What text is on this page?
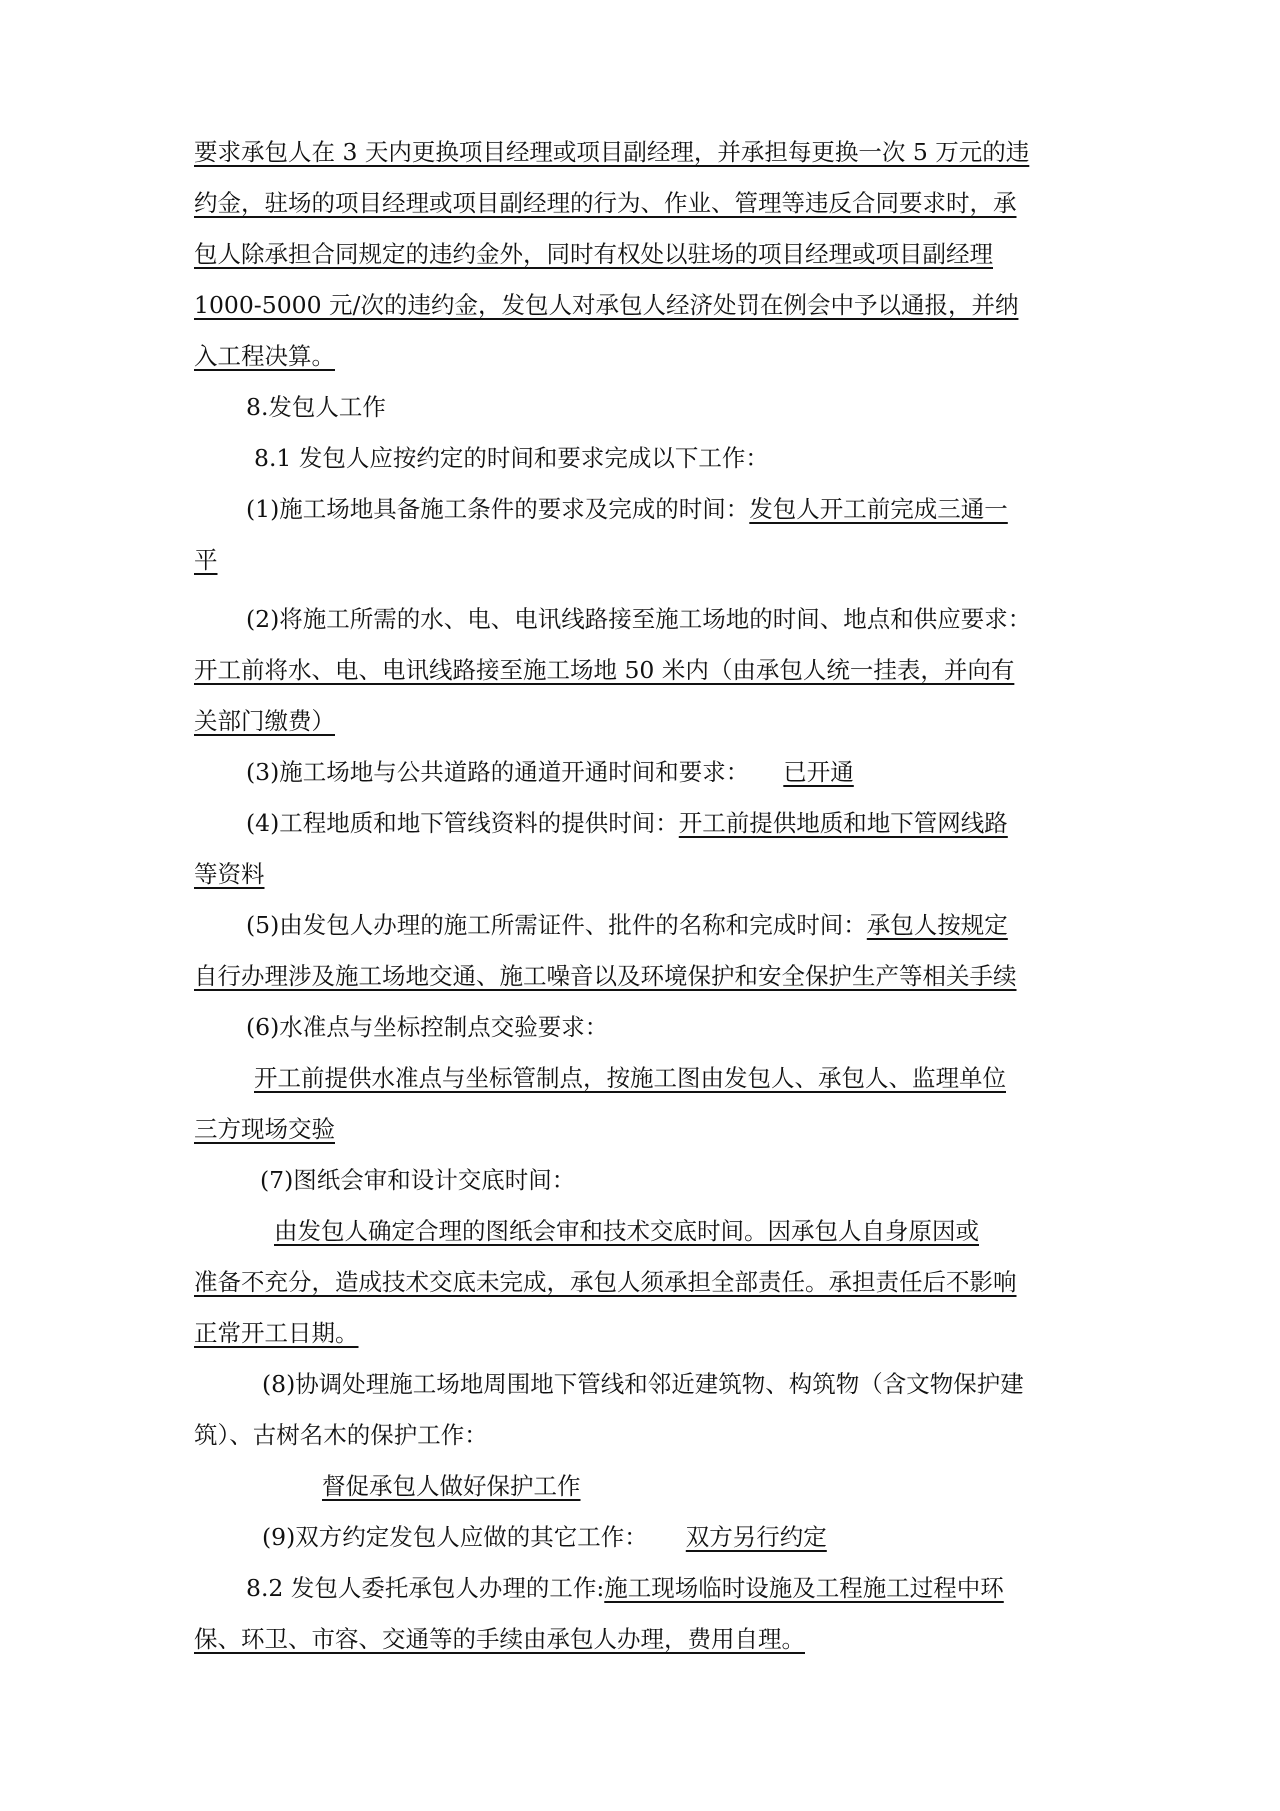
要求承包人在 3 天内更换项目经理或项目副经理，并承担每更换一次 5 万元的违
约金，驻场的项目经理或项目副经理的行为、作业、管理等违反合同要求时，承
包人除承担合同规定的违约金外，同时有权处以驻场的项目经理或项目副经理
1000-5000 元/次的违约金，发包人对承包人经济处罚在例会中予以通报，并纳
入工程决算。
8.发包人工作
8.1 发包人应按约定的时间和要求完成以下工作：
(1)施工场地具备施工条件的要求及完成的时间：发包人开工前完成三通一
平
(2)将施工所需的水、电、电讯线路接至施工场地的时间、地点和供应要求：
开工前将水、电、电讯线路接至施工场地 50 米内（由承包人统一挂表，并向有
关部门缴费）
(3)施工场地与公共道路的通道开通时间和要求： 已开通
(4)工程地质和地下管线资料的提供时间：开工前提供地质和地下管网线路
等资料
(5)由发包人办理的施工所需证件、批件的名称和完成时间：承包人按规定
自行办理涉及施工场地交通、施工噪音以及环境保护和安全保护生产等相关手续
(6)水准点与坐标控制点交验要求：
开工前提供水准点与坐标管制点，按施工图由发包人、承包人、监理单位
三方现场交验
(7)图纸会审和设计交底时间：
由发包人确定合理的图纸会审和技术交底时间。因承包人自身原因或
准备不充分，造成技术交底未完成，承包人须承担全部责任。承担责任后不影响
正常开工日期。
(8)协调处理施工场地周围地下管线和邻近建筑物、构筑物（含文物保护建
筑）、古树名木的保护工作：
督促承包人做好保护工作
(9)双方约定发包人应做的其它工作： 双方另行约定
8.2 发包人委托承包人办理的工作:施工现场临时设施及工程施工过程中环
保、环卫、市容、交通等的手续由承包人办理，费用自理。
